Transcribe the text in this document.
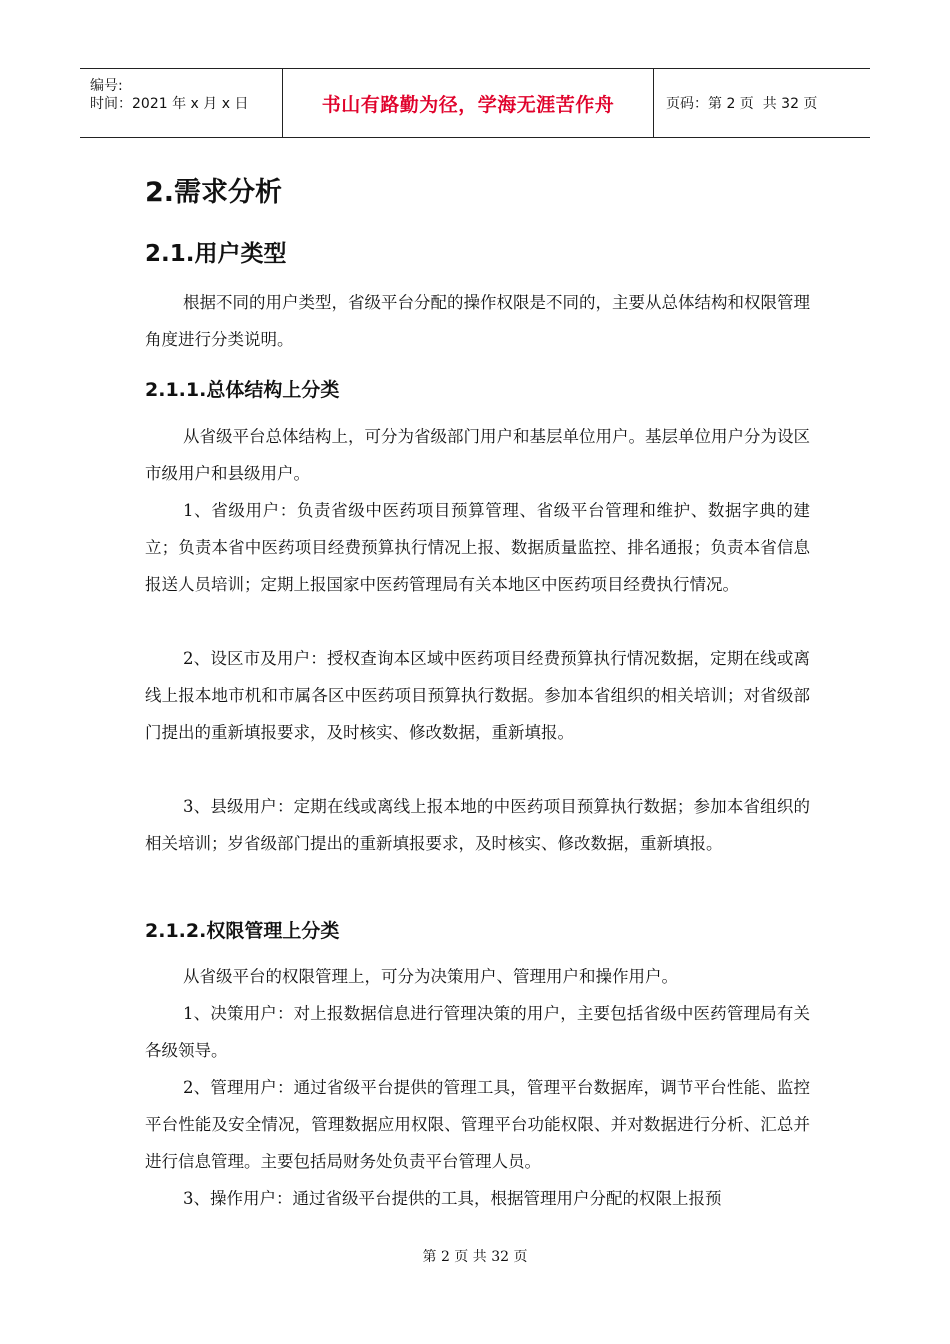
编号:
时间：2021 年 x 月 x 日	书山有路勤为径，学海无涯苦作舟	页码：第 2 页  共 32 页
2.需求分析
2.1.用户类型

根据不同的用户类型，省级平台分配的操作权限是不同的，主要从总体结构和权限管理角度进行分类说明。

2.1.1.总体结构上分类

从省级平台总体结构上，可分为省级部门用户和基层单位用户。基层单位用户分为设区市级用户和县级用户。

1、省级用户：负责省级中医药项目预算管理、省级平台管理和维护、数据字典的建立；负责本省中医药项目经费预算执行情况上报、数据质量监控、排名通报；负责本省信息报送人员培训；定期上报国家中医药管理局有关本地区中医药项目经费执行情况。

2、设区市及用户：授权查询本区域中医药项目经费预算执行情况数据，定期在线或离线上报本地市机和市属各区中医药项目预算执行数据。参加本省组织的相关培训；对省级部门提出的重新填报要求，及时核实、修改数据，重新填报。

3、县级用户：定期在线或离线上报本地的中医药项目预算执行数据；参加本省组织的相关培训；岁省级部门提出的重新填报要求，及时核实、修改数据，重新填报。

2.1.2.权限管理上分类

从省级平台的权限管理上，可分为决策用户、管理用户和操作用户。

1、决策用户：对上报数据信息进行管理决策的用户，主要包括省级中医药管理局有关各级领导。

2、管理用户：通过省级平台提供的管理工具，管理平台数据库，调节平台性能、监控平台性能及安全情况，管理数据应用权限、管理平台功能权限、并对数据进行分析、汇总并进行信息管理。主要包括局财务处负责平台管理人员。

3、操作用户：通过省级平台提供的工具，根据管理用户分配的权限上报预

第 2 页 共 32 页
